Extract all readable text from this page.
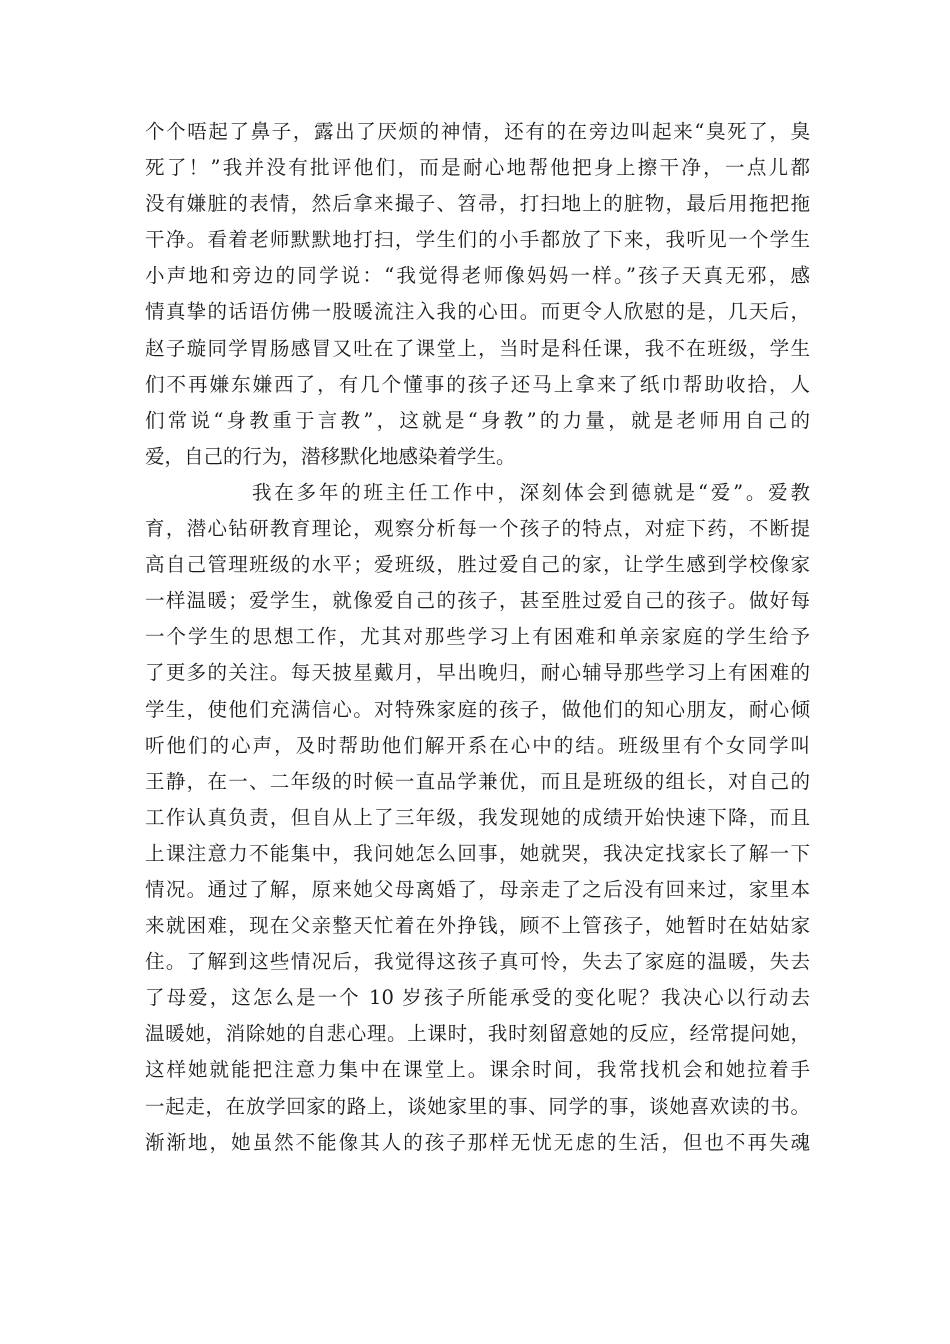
个个唔起了鼻子，露出了厌烦的神情，还有的在旁边叫起来“臭死了，臭
死了！”我并没有批评他们，而是耐心地帮他把身上擦干净，一点儿都
没有嫌脏的表情，然后拿来撮子、笤帚，打扫地上的脏物，最后用拖把拖
干净。看着老师默默地打扫，学生们的小手都放了下来，我听见一个学生
小声地和旁边的同学说：“我觉得老师像妈妈一样。”孩子天真无邪，感
情真挚的话语仿佛一股暖流注入我的心田。而更令人欣慰的是，几天后，
赵子璇同学胃肠感冒又吐在了课堂上，当时是科任课，我不在班级，学生
们不再嫌东嫌西了，有几个懂事的孩子还马上拿来了纸巾帮助收拾，人
们常说“身教重于言教”，这就是“身教”的力量，就是老师用自己的
爱，自己的行为，潜移默化地感染着学生。
我在多年的班主任工作中，深刻体会到德就是“爱”。爱教
育，潜心钻研教育理论，观察分析每一个孩子的特点，对症下药，不断提
高自己管理班级的水平；爱班级，胜过爱自己的家，让学生感到学校像家
一样温暖；爱学生，就像爱自己的孩子，甚至胜过爱自己的孩子。做好每
一个学生的思想工作，尤其对那些学习上有困难和单亲家庭的学生给予
了更多的关注。每天披星戴月，早出晚归，耐心辅导那些学习上有困难的
学生，使他们充满信心。对特殊家庭的孩子，做他们的知心朋友，耐心倾
听他们的心声，及时帮助他们解开系在心中的结。班级里有个女同学叫
王静，在一、二年级的时候一直品学兼优，而且是班级的组长，对自己的
工作认真负责，但自从上了三年级，我发现她的成绩开始快速下降，而且
上课注意力不能集中，我问她怎么回事，她就哭，我决定找家长了解一下
情况。通过了解，原来她父母离婚了，母亲走了之后没有回来过，家里本
来就困难，现在父亲整天忙着在外挣钱，顾不上管孩子，她暂时在姑姑家
住。了解到这些情况后，我觉得这孩子真可怜，失去了家庭的温暖，失去
了母爱，这怎么是一个 10 岁孩子所能承受的变化呢？我决心以行动去
温暖她，消除她的自悲心理。上课时，我时刻留意她的反应，经常提问她，
这样她就能把注意力集中在课堂上。课余时间，我常找机会和她拉着手
一起走，在放学回家的路上，谈她家里的事、同学的事，谈她喜欢读的书。
渐渐地，她虽然不能像其人的孩子那样无忧无虑的生活，但也不再失魂
